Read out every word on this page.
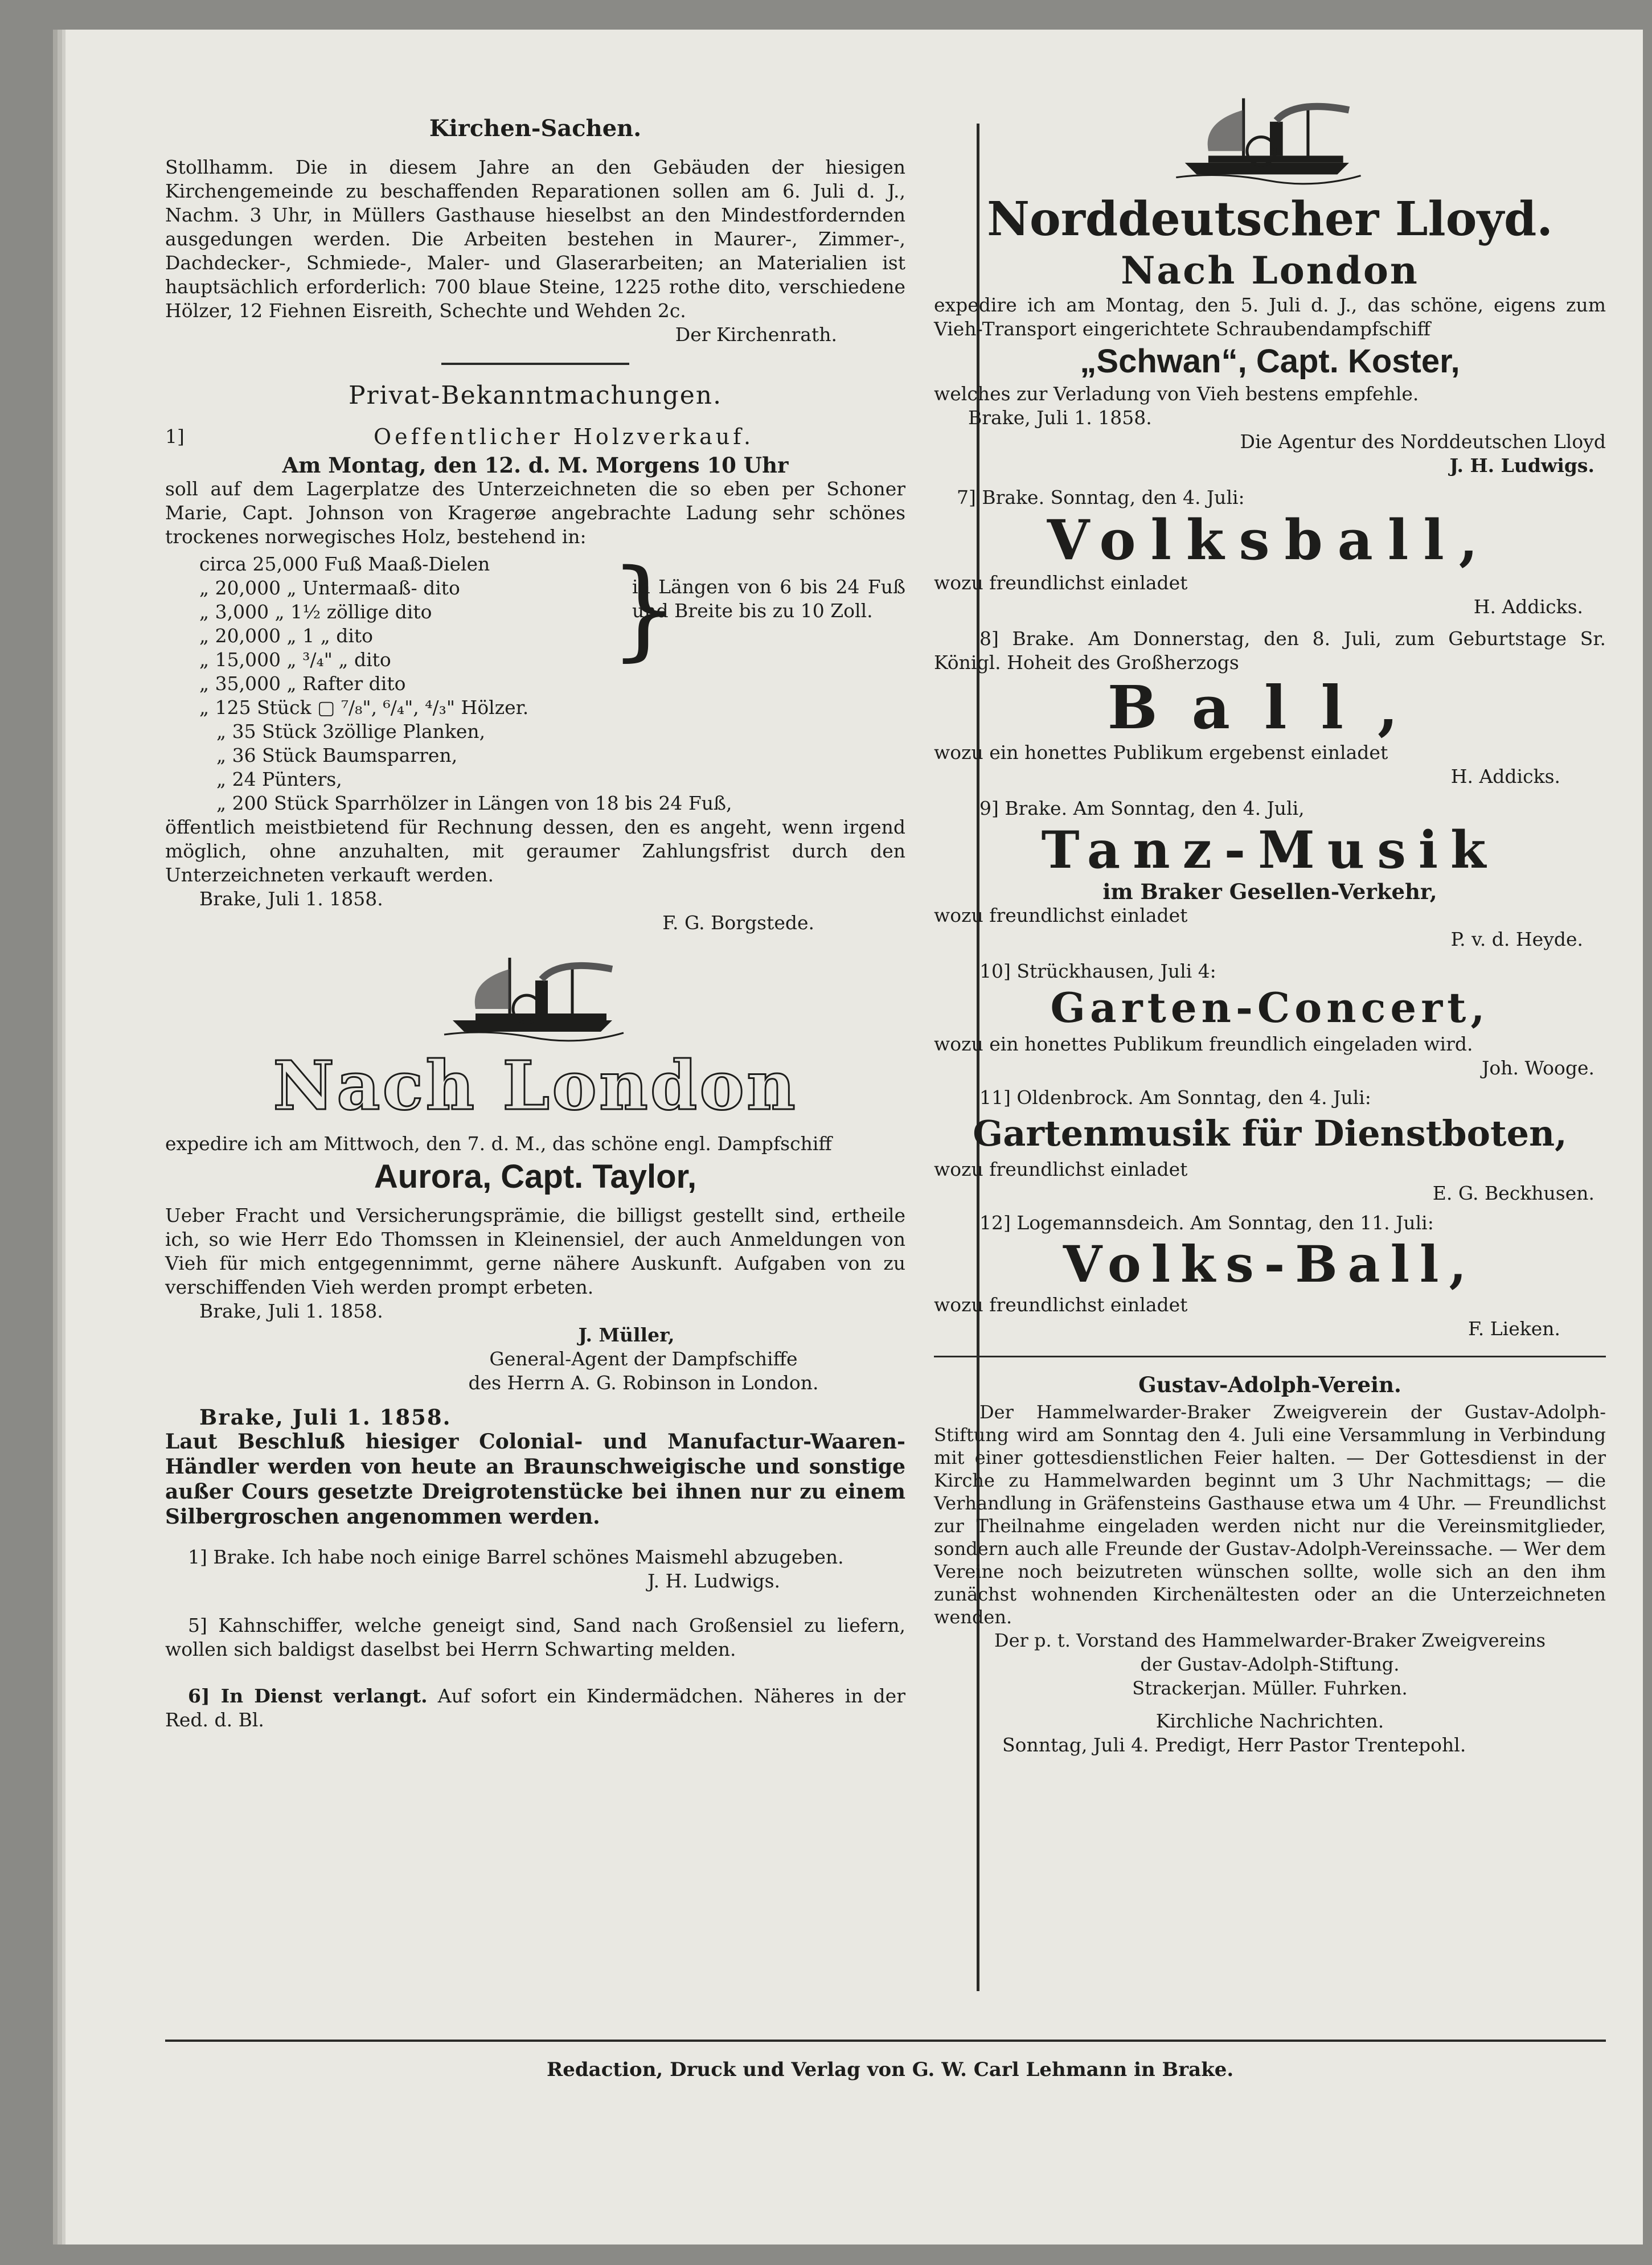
Kirchen-Sachen.

Stollhamm. Die in diesem Jahre an den Gebäuden der hiesigen Kirchengemeinde zu beschaffenden Reparationen sollen am 6. Juli d. J., Nachm. 3 Uhr, in Müllers Gasthause hieselbst an den Mindestfordernden ausgedungen werden. Die Arbeiten bestehen in Maurer-, Zimmer-, Dachdecker-, Schmiede-, Maler- und Glaserarbeiten; an Materialien ist hauptsächlich erforderlich: 700 blaue Steine, 1225 rothe dito, verschiedene Hölzer, 12 Fiehnen Eisreith, Schechte und Wehden 2c.

Der Kirchenrath.

Privat-Bekanntmachungen.
1]	Oeffentlicher Holzverkauf.

Am Montag, den 12. d. M. Morgens 10 Uhr

soll auf dem Lagerplatze des Unterzeichneten die so eben per Schoner Marie, Capt. Johnson von Kragerøe angebrachte Ladung sehr schönes trockenes norwegisches Holz, bestehend in:

circa 25,000 Fuß Maaß-Dielen
„ 20,000 „ Untermaaß- dito
„ 3,000 „ 1½ zöllige dito
„ 20,000 „ 1 „ dito
„ 15,000 „ ³/₄" „ dito
„ 35,000 „ Rafter dito
„ 125 Stück ▢ ⁷/₈", ⁶/₄", ⁴/₃" Hölzer.
}
in Längen von 6 bis 24 Fuß und Breite bis zu 10 Zoll.
„ 35 Stück 3zöllige Planken,
„ 36 Stück Baumsparren,
„ 24 Pünters,
„ 200 Stück Sparrhölzer in Längen von 18 bis 24 Fuß,

öffentlich meistbietend für Rechnung dessen, den es angeht, wenn irgend möglich, ohne anzuhalten, mit geraumer Zahlungsfrist durch den Unterzeichneten verkauft werden.

Brake, Juli 1. 1858.

F. G. Borgstede.

Nach London

expedire ich am Mittwoch, den 7. d. M., das schöne engl. Dampfschiff

Aurora, Capt. Taylor,

Ueber Fracht und Versicherungsprämie, die billigst gestellt sind, ertheile ich, so wie Herr Edo Thomssen in Kleinensiel, der auch Anmeldungen von Vieh für mich entgegennimmt, gerne nähere Auskunft. Aufgaben von zu verschiffenden Vieh werden prompt erbeten.

Brake, Juli 1. 1858.

J. Müller,

General-Agent der Dampfschiffe

des Herrn A. G. Robinson in London.

Brake, Juli 1. 1858.

Laut Beschluß hiesiger Colonial- und Manufactur-Waaren-Händler werden von heute an Braunschweigische und sonstige außer Cours gesetzte Dreigrotenstücke bei ihnen nur zu einem Silbergroschen angenommen werden.

1] Brake. Ich habe noch einige Barrel schönes Maismehl abzugeben.

J. H. Ludwigs.

5] Kahnschiffer, welche geneigt sind, Sand nach Großensiel zu liefern, wollen sich baldigst daselbst bei Herrn Schwarting melden.

6] In Dienst verlangt. Auf sofort ein Kindermädchen. Näheres in der Red. d. Bl.

Norddeutscher Lloyd.
Nach London

expedire ich am Montag, den 5. Juli d. J., das schöne, eigens zum Vieh-Transport eingerichtete Schraubendampfschiff

„Schwan“, Capt. Koster,

welches zur Verladung von Vieh bestens empfehle.

Brake, Juli 1. 1858.

Die Agentur des Norddeutschen Lloyd

J. H. Ludwigs.

7] Brake. Sonntag, den 4. Juli:

Volksball,

wozu freundlichst einladet

H. Addicks.

8] Brake. Am Donnerstag, den 8. Juli, zum Geburtstage Sr. Königl. Hoheit des Großherzogs

Ball,

wozu ein honettes Publikum ergebenst einladet

H. Addicks.

9] Brake. Am Sonntag, den 4. Juli,

Tanz-Musik

im Braker Gesellen-Verkehr,

wozu freundlichst einladet

P. v. d. Heyde.

10] Strückhausen, Juli 4:

Garten-Concert,

wozu ein honettes Publikum freundlich eingeladen wird.

Joh. Wooge.

11] Oldenbrock. Am Sonntag, den 4. Juli:

Gartenmusik für Dienstboten,

wozu freundlichst einladet

E. G. Beckhusen.

12] Logemannsdeich. Am Sonntag, den 11. Juli:

Volks-Ball,

wozu freundlichst einladet

F. Lieken.

Gustav-Adolph-Verein.

Der Hammelwarder-Braker Zweigverein der Gustav-Adolph-Stiftung wird am Sonntag den 4. Juli eine Versammlung in Verbindung mit einer gottesdienstlichen Feier halten. — Der Gottesdienst in der Kirche zu Hammelwarden beginnt um 3 Uhr Nachmittags; — die Verhandlung in Gräfensteins Gasthause etwa um 4 Uhr. — Freundlichst zur Theilnahme eingeladen werden nicht nur die Vereinsmitglieder, sondern auch alle Freunde der Gustav-Adolph-Vereinssache. — Wer dem Vereine noch beizutreten wünschen sollte, wolle sich an den ihm zunächst wohnenden Kirchenältesten oder an die Unterzeichneten wenden.

Der p. t. Vorstand des Hammelwarder-Braker Zweigvereins

der Gustav-Adolph-Stiftung.

Strackerjan. Müller. Fuhrken.

Kirchliche Nachrichten.

Sonntag, Juli 4. Predigt, Herr Pastor Trentepohl.

Redaction, Druck und Verlag von G. W. Carl Lehmann in Brake.
